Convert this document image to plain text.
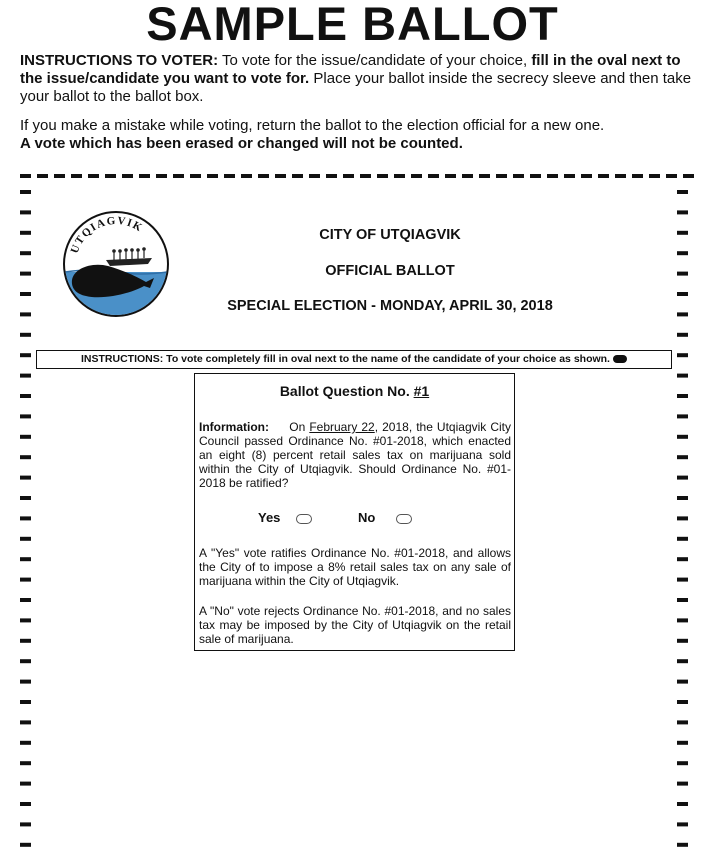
SAMPLE BALLOT

INSTRUCTIONS TO VOTER: To vote for the issue/candidate of your choice, fill in the oval next to the issue/candidate you want to vote for. Place your ballot inside the secrecy sleeve and then take your ballot to the ballot box.

If you make a mistake while voting, return the ballot to the election official for a new one.
A vote which has been erased or changed will not be counted.

UTQIAGVIK

CITY OF UTQIAGVIK

OFFICIAL BALLOT

SPECIAL ELECTION - MONDAY, APRIL 30, 2018

INSTRUCTIONS: To vote completely fill in oval next to the name of the candidate of your choice as shown.
Ballot Question No. #1

Information: On February 22, 2018, the Utqiagvik City Council passed Ordinance No. #01-2018, which enacted an eight (8) percent retail sales tax on marijuana sold within the City of Utqiagvik. Should Ordinance No. #01-2018 be ratified?

Yes	No

A "Yes" vote ratifies Ordinance No. #01-2018, and allows the City of to impose a 8% retail sales tax on any sale of marijuana within the City of Utqiagvik.

A "No" vote rejects Ordinance No. #01-2018, and no sales tax may be imposed by the City of Utqiagvik on the retail sale of marijuana.
